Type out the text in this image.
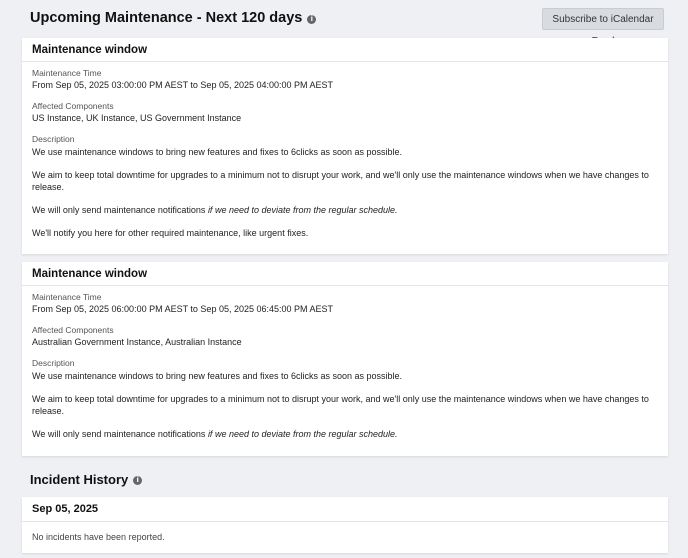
Upcoming Maintenance - Next 120 days	i	Subscribe to iCalendar
Maintenance window
Maintenance Time
From Sep 05, 2025 03:00:00 PM AEST to Sep 05, 2025 04:00:00 PM AEST
Affected Components
US Instance, UK Instance, US Government Instance
Description

We use maintenance windows to bring new features and fixes to 6clicks as soon as possible.

We aim to keep total downtime for upgrades to a minimum not to disrupt your work, and we'll only use the maintenance windows when we have changes to release.

We will only send maintenance notifications if we need to deviate from the regular schedule.

We'll notify you here for other required maintenance, like urgent fixes.

Maintenance window
Maintenance Time
From Sep 05, 2025 06:00:00 PM AEST to Sep 05, 2025 06:45:00 PM AEST
Affected Components
Australian Government Instance, Australian Instance
Description

We use maintenance windows to bring new features and fixes to 6clicks as soon as possible.

We aim to keep total downtime for upgrades to a minimum not to disrupt your work, and we'll only use the maintenance windows when we have changes to release.

We will only send maintenance notifications if we need to deviate from the regular schedule.

Incident History	i
Sep 05, 2025
No incidents have been reported.
